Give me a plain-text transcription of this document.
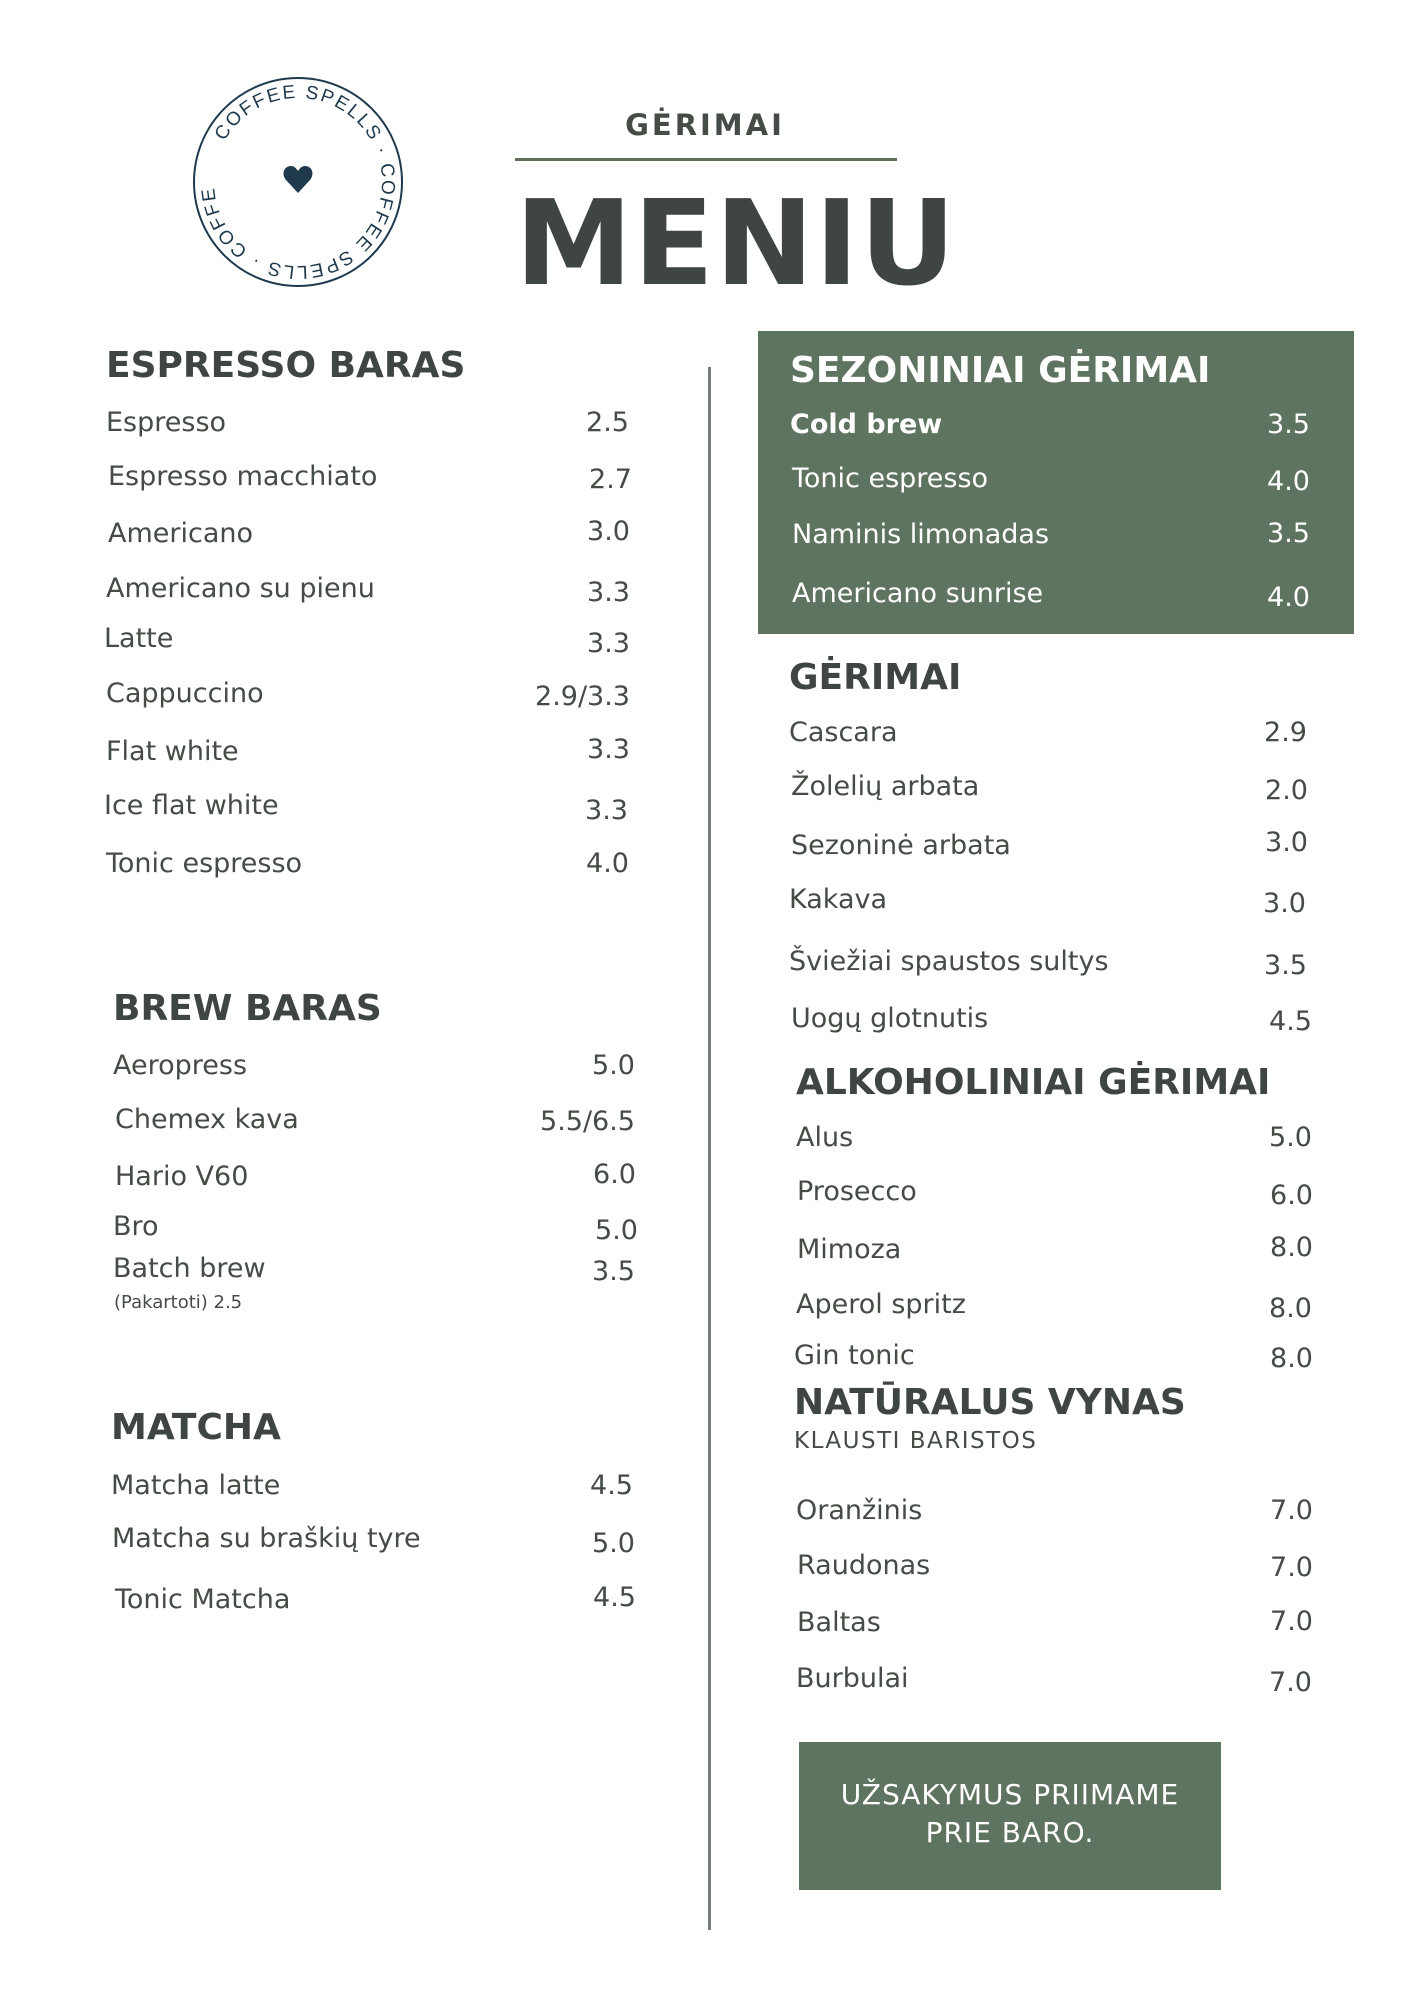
COFFEE SPELLS · COFFEE SPELLS · COFFE
GĖRIMAI
MENIU
ESPRESSO BARAS
Espresso	2.5
Espresso macchiato	2.7
Americano	3.0
Americano su pienu	3.3
Latte	3.3
Cappuccino	2.9/3.3
Flat white	3.3
Ice flat white	3.3
Tonic espresso	4.0
BREW BARAS
Aeropress	5.0
Chemex kava	5.5/6.5
Hario V60	6.0
Bro	5.0
Batch brew	3.5
(Pakartoti) 2.5
MATCHA
Matcha latte	4.5
Matcha su braškių tyre	5.0
Tonic Matcha	4.5
SEZONINIAI GĖRIMAI
Cold brew	3.5
Tonic espresso	4.0
Naminis limonadas	3.5
Americano sunrise	4.0
GĖRIMAI
Cascara	2.9
Žolelių arbata	2.0
Sezoninė arbata	3.0
Kakava	3.0
Šviežiai spaustos sultys	3.5
Uogų glotnutis	4.5
ALKOHOLINIAI GĖRIMAI
Alus	5.0
Prosecco	6.0
Mimoza	8.0
Aperol spritz	8.0
Gin tonic	8.0
NATŪRALUS VYNAS
KLAUSTI BARISTOS
Oranžinis	7.0
Raudonas	7.0
Baltas	7.0
Burbulai	7.0
UŽSAKYMUS PRIIMAME
PRIE BARO.
